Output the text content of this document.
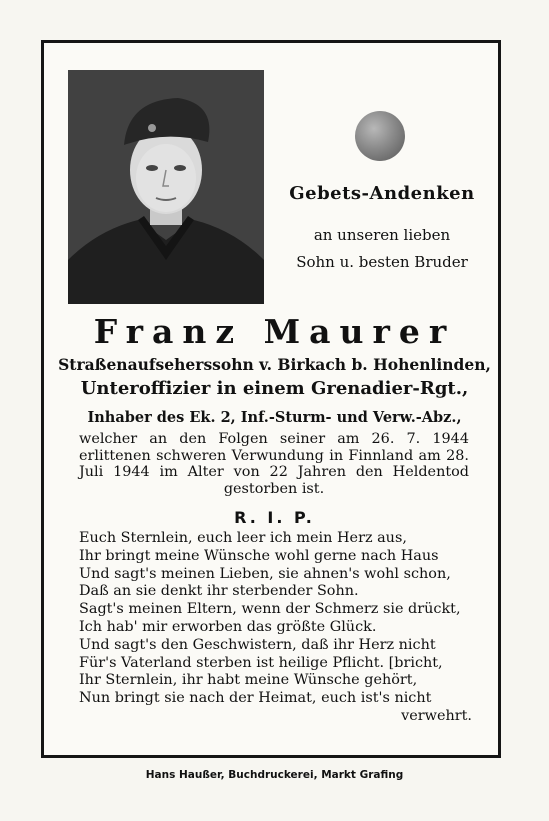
Gebets-Andenken
an unseren lieben
Sohn u. besten Bruder
Franz Maurer
Straßenaufseherssohn v. Birkach b. Hohenlinden,
Unteroffizier in einem Grenadier-Rgt.,
Inhaber des Ek. 2, Inf.-Sturm- und Verw.-Abz.,
welcher an den Folgen seiner am 26. 7. 1944 erlittenen schweren Verwundung in Finnland am 28. Juli 1944 im Alter von 22 Jahren den Heldentod gestorben ist.
R. I. P.
Euch Sternlein, euch leer ich mein Herz aus,
Ihr bringt meine Wünsche wohl gerne nach Haus
Und sagt's meinen Lieben, sie ahnen's wohl schon,
Daß an sie denkt ihr sterbender Sohn.
Sagt's meinen Eltern, wenn der Schmerz sie drückt,
Ich hab' mir erworben das größte Glück.
Und sagt's den Geschwistern, daß ihr Herz nicht
Für's Vaterland sterben ist heilige Pflicht. [bricht,
Ihr Sternlein, ihr habt meine Wünsche gehört,
Nun bringt sie nach der Heimat, euch ist's nicht
verwehrt.
Hans Haußer, Buchdruckerei, Markt Grafing
